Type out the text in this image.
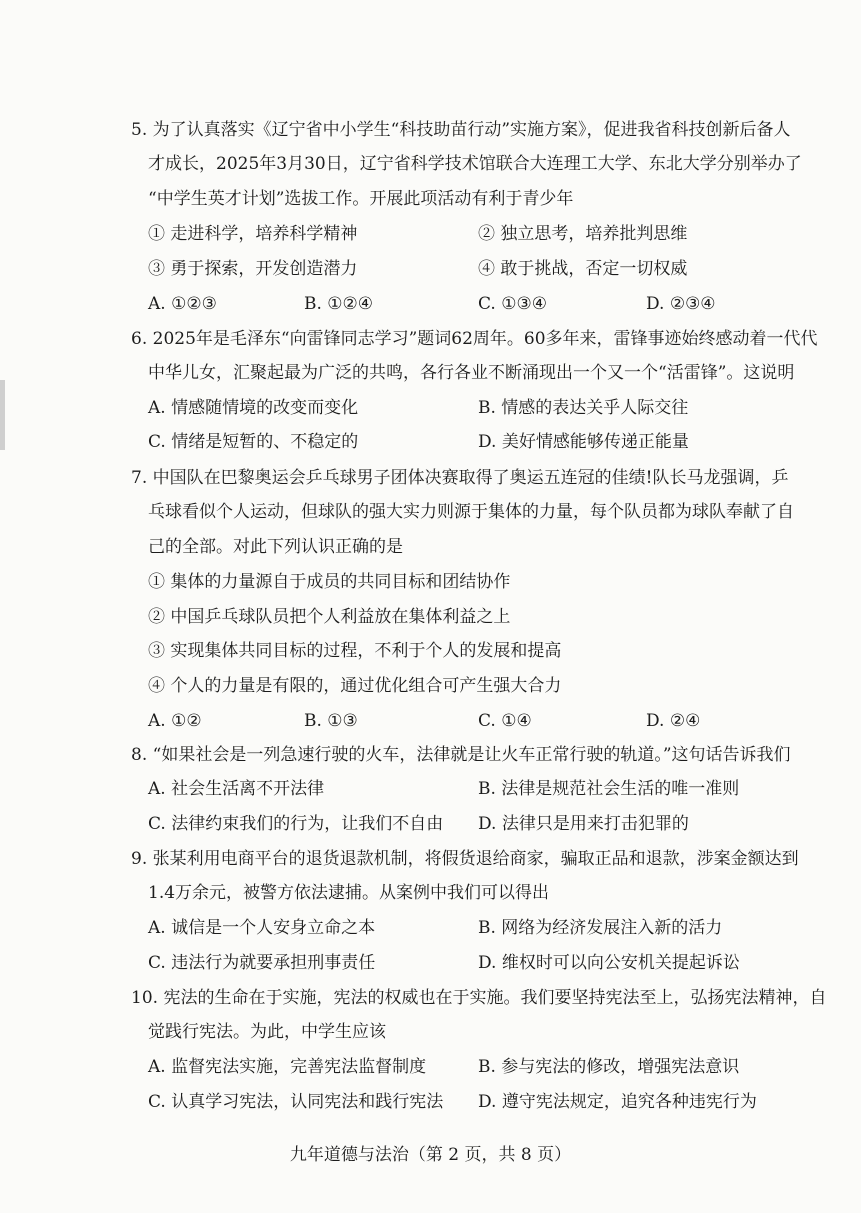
5. 为了认真落实《辽宁省中小学生“科技助苗行动”实施方案》，促进我省科技创新后备人
才成长，2025年3月30日，辽宁省科学技术馆联合大连理工大学、东北大学分别举办了
“中学生英才计划”选拔工作。开展此项活动有利于青少年
① 走进科学，培养科学精神	② 独立思考，培养批判思维
③ 勇于探索，开发创造潜力	④ 敢于挑战，否定一切权威
A. ①②③	B. ①②④	C. ①③④	D. ②③④
6. 2025年是毛泽东“向雷锋同志学习”题词62周年。60多年来，雷锋事迹始终感动着一代代
中华儿女，汇聚起最为广泛的共鸣，各行各业不断涌现出一个又一个“活雷锋”。这说明
A. 情感随情境的改变而变化	B. 情感的表达关乎人际交往
C. 情绪是短暂的、不稳定的	D. 美好情感能够传递正能量
7. 中国队在巴黎奥运会乒乓球男子团体决赛取得了奥运五连冠的佳绩!队长马龙强调，乒
乓球看似个人运动，但球队的强大实力则源于集体的力量，每个队员都为球队奉献了自
己的全部。对此下列认识正确的是
① 集体的力量源自于成员的共同目标和团结协作
② 中国乒乓球队员把个人利益放在集体利益之上
③ 实现集体共同目标的过程，不利于个人的发展和提高
④ 个人的力量是有限的，通过优化组合可产生强大合力
A. ①②	B. ①③	C. ①④	D. ②④
8. “如果社会是一列急速行驶的火车，法律就是让火车正常行驶的轨道。”这句话告诉我们
A. 社会生活离不开法律	B. 法律是规范社会生活的唯一准则
C. 法律约束我们的行为，让我们不自由 D. 法律只是用来打击犯罪的
9. 张某利用电商平台的退货退款机制，将假货退给商家，骗取正品和退款，涉案金额达到
1.4万余元，被警方依法逮捕。从案例中我们可以得出
A. 诚信是一个人安身立命之本	B. 网络为经济发展注入新的活力
C. 违法行为就要承担刑事责任	D. 维权时可以向公安机关提起诉讼
10. 宪法的生命在于实施，宪法的权威也在于实施。我们要坚持宪法至上，弘扬宪法精神，自
觉践行宪法。为此，中学生应该
A. 监督宪法实施，完善宪法监督制度	B. 参与宪法的修改，增强宪法意识
C. 认真学习宪法，认同宪法和践行宪法 D. 遵守宪法规定，追究各种违宪行为
九年道德与法治（第 2 页，共 8 页）
